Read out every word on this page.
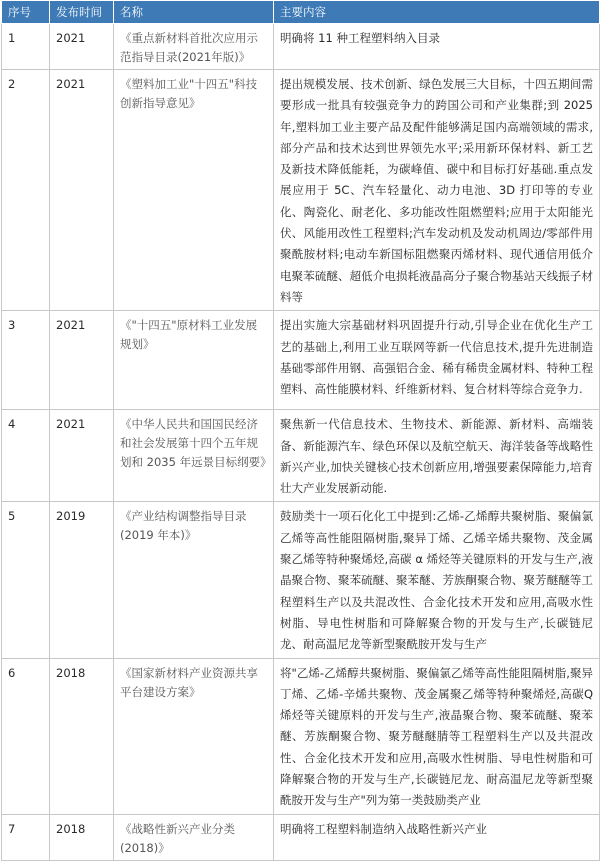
序号	发布时间	名称	主要内容
1	2021	《重点新材料首批次应用示范指导目录(2021年版)》	明确将 11 种工程塑料纳入目录
2	2021	《塑料加工业"十四五"科技创新指导意见》	提出规模发展、技术创新、绿色发展三大目标，十四五期间需要形成一批具有较强竞争力的跨国公司和产业集群;到 2025 年,塑料加工业主要产品及配件能够满足国内高端领域的需求,部分产品和技术达到世界领先水平;采用新环保材料、新工艺及新技术降低能耗，为碳峰值、碳中和目标打好基础.重点发展应用于 5C、汽车轻量化、动力电池、3D 打印等的专业化、陶瓷化、耐老化、多功能改性阻燃塑料;应用于太阳能光伏、风能用改性工程塑料;汽车发动机及发动机周边/零部件用聚酰胺材料;电动车新国标阻燃聚丙烯材料、现代通信用低介电聚苯硫醚、超低介电损耗液晶高分子聚合物基站天线振子材料等
3	2021	《"十四五"原材料工业发展规划》	提出实施大宗基础材料巩固提升行动,引导企业在优化生产工艺的基础上,利用工业互联网等新一代信息技术,提升先进制造基础零部件用钢、高强铝合金、稀有稀贵金属材料、特种工程塑料、高性能膜材料、纤维新材料、复合材料等综合竞争力.
4	2021	《中华人民共和国国民经济和社会发展第十四个五年规划和 2035 年远景目标纲要》	聚焦新一代信息技术、生物技术、新能源、新材料、高端装备、新能源汽车、绿色环保以及航空航天、海洋装备等战略性新兴产业,加快关键核心技术创新应用,增强要素保障能力,培育壮大产业发展新动能.
5	2019	《产业结构调整指导目录(2019 年本)》	鼓励类十一项石化化工中提到:乙烯-乙烯醇共聚树脂、聚偏氯乙烯等高性能阻隔树脂,聚异丁烯、乙烯辛烯共聚物、茂金属聚乙烯等特种聚烯烃,高碳 α 烯烃等关键原料的开发与生产,液晶聚合物、聚苯硫醚、聚苯醚、芳族酮聚合物、聚芳醚醚等工程塑料生产以及共混改性、合金化技术开发和应用,高吸水性树脂、导电性树脂和可降解聚合物的开发与生产,长碳链尼龙、耐高温尼龙等新型聚酰胺开发与生产
6	2018	《国家新材料产业资源共享平台建设方案》	将"乙烯-乙烯醇共聚树脂、聚偏氯乙烯等高性能阻隔树脂,聚异丁烯、乙烯-辛烯共聚物、茂金属聚乙烯等特种聚烯烃,高碳Q烯烃等关键原料的开发与生产,液晶聚合物、聚苯硫醚、聚苯醚、芳族酮聚合物、聚芳醚醚腈等工程塑料生产以及共混改性、合金化技术开发和应用,高吸水性树脂、导电性树脂和可降解聚合物的开发与生产,长碳链尼龙、耐高温尼龙等新型聚酰胺开发与生产"列为第一类鼓励类产业
7	2018	《战略性新兴产业分类(2018)》	明确将工程塑料制造纳入战略性新兴产业
